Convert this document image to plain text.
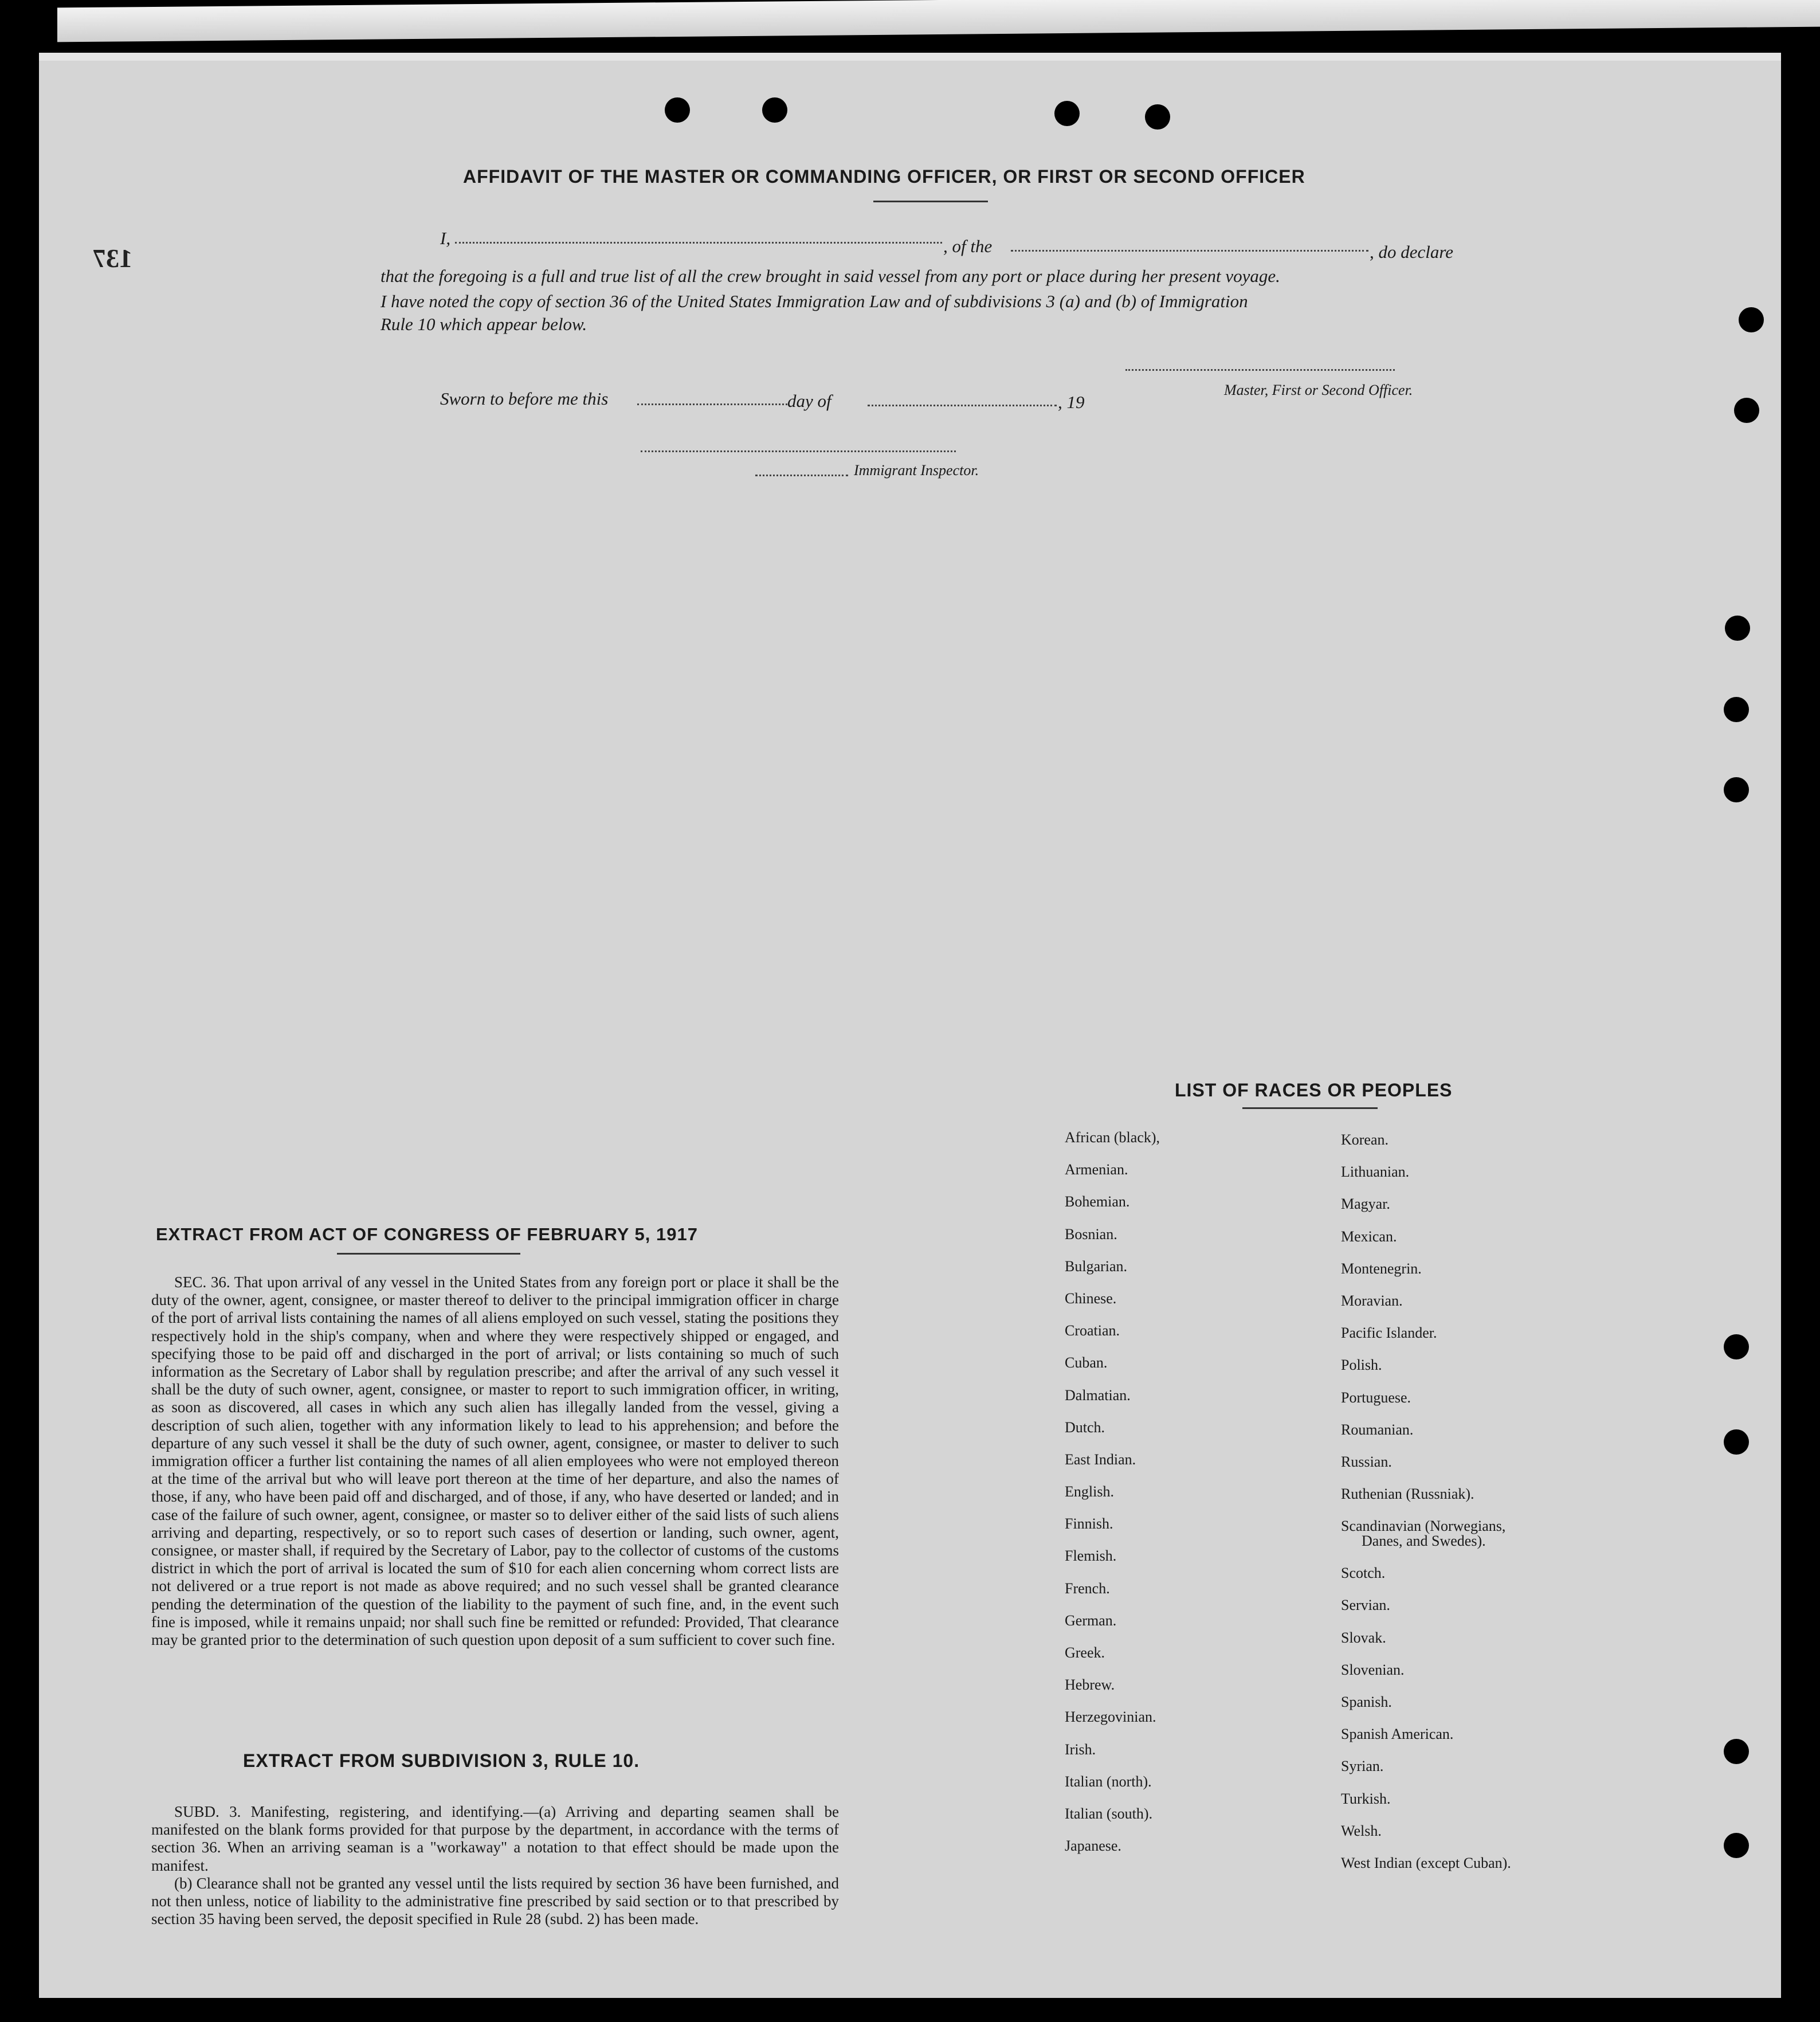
137
AFFIDAVIT OF THE MASTER OR COMMANDING OFFICER, OR FIRST OR SECOND OFFICER
I,	, of the	, do declare
that the foregoing is a full and true list of all the crew brought in said vessel from any port or place during her present voyage.
I have noted the copy of section 36 of the United States Immigration Law and of subdivisions 3 (a) and (b) of Immigration
Rule 10 which appear below.
Master, First or Second Officer.
Sworn to before me this	day of	, 19
Immigrant Inspector.
LIST OF RACES OR PEOPLES
African (black),
Armenian.
Bohemian.
Bosnian.
Bulgarian.
Chinese.
Croatian.
Cuban.
Dalmatian.
Dutch.
East Indian.
English.
Finnish.
Flemish.
French.
German.
Greek.
Hebrew.
Herzegovinian.
Irish.
Italian (north).
Italian (south).
Japanese.
Korean.
Lithuanian.
Magyar.
Mexican.
Montenegrin.
Moravian.
Pacific Islander.
Polish.
Portuguese.
Roumanian.
Russian.
Ruthenian (Russniak).
Scandinavian (Norwegians,
Danes, and Swedes).
Scotch.
Servian.
Slovak.
Slovenian.
Spanish.
Spanish American.
Syrian.
Turkish.
Welsh.
West Indian (except Cuban).
EXTRACT FROM ACT OF CONGRESS OF FEBRUARY 5, 1917

SEC. 36. That upon arrival of any vessel in the United States from any foreign port or place it shall be the duty of the owner, agent, consignee, or master thereof to deliver to the principal immigration officer in charge of the port of arrival lists containing the names of all aliens employed on such vessel, stating the positions they respectively hold in the ship's company, when and where they were respectively shipped or engaged, and specifying those to be paid off and discharged in the port of arrival; or lists containing so much of such information as the Secretary of Labor shall by regulation prescribe; and after the arrival of any such vessel it shall be the duty of such owner, agent, consignee, or master to report to such immigration officer, in writing, as soon as discovered, all cases in which any such alien has illegally landed from the vessel, giving a description of such alien, together with any information likely to lead to his apprehension; and before the departure of any such vessel it shall be the duty of such owner, agent, consignee, or master to deliver to such immigration officer a further list containing the names of all alien employees who were not employed thereon at the time of the arrival but who will leave port thereon at the time of her departure, and also the names of those, if any, who have been paid off and discharged, and of those, if any, who have deserted or landed; and in case of the failure of such owner, agent, consignee, or master so to deliver either of the said lists of such aliens arriving and departing, respectively, or so to report such cases of desertion or landing, such owner, agent, consignee, or master shall, if required by the Secretary of Labor, pay to the collector of customs of the customs district in which the port of arrival is located the sum of $10 for each alien concerning whom correct lists are not delivered or a true report is not made as above required; and no such vessel shall be granted clearance pending the determination of the question of the liability to the payment of such fine, and, in the event such fine is imposed, while it remains unpaid; nor shall such fine be remitted or refunded: Provided, That clearance may be granted prior to the determination of such question upon deposit of a sum sufficient to cover such fine.

EXTRACT FROM SUBDIVISION 3, RULE 10.

SUBD. 3. Manifesting, registering, and identifying.—(a) Arriving and departing seamen shall be manifested on the blank forms provided for that purpose by the department, in accordance with the terms of section 36. When an arriving seaman is a "workaway" a notation to that effect should be made upon the manifest.

(b) Clearance shall not be granted any vessel until the lists required by section 36 have been furnished, and not then unless, notice of liability to the administrative fine prescribed by said section or to that prescribed by section 35 having been served, the deposit specified in Rule 28 (subd. 2) has been made.
